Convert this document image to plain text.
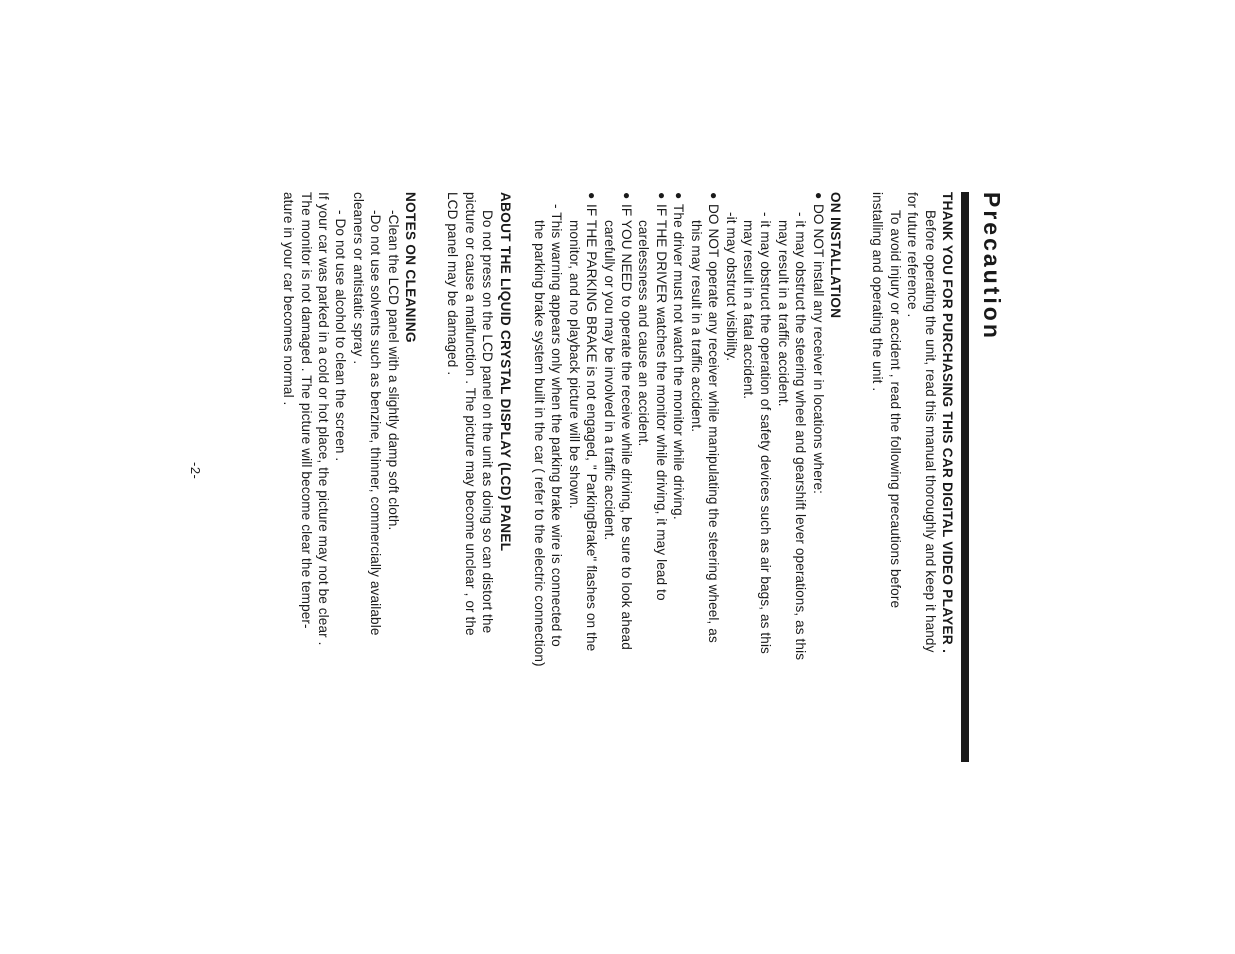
Precaution
THANK YOU FOR PURCHASING THIS CAR DIGITAL VIDEO PLAYER .
Before operating the unit, read this manual thoroughly and keep it handy
for future reference .
To avoid injury or accident , read the following precautions before
installing and operating the unit .
ON INSTALLATION
● DO NOT install any receiver in locations where:
- it may obstruct the steering wheel and gearshift lever operations, as this
may result in a traffic accident.
- it may obstruct the operation of safety devices such as air bags, as this
may result in a fatal accident.
-it may obstruct visibility.
● DO NOT operate any receiver while manipulating the steering wheel, as
this may result in a traffic accident.
● The driver must not watch the monitor while driving.
● IF THE DRIVER watches the monitor while driving, it may lead to
carelessness and cause an accident.
● IF YOU NEED to operate the receive while driving, be sure to look ahead
carefully or you may be involved in a traffic accident.
● IF THE PARKING BRAKE is not engaged, " ParkingBrake" flashes on the
monitor, and no playback picture will be shown.
- This warning appears only when the parking brake wire is connected to
the parking brake system built in the car ( refer to the electric connection)
ABOUT THE LIQUID CRYSTAL DISPLAY (LCD) PANEL
Do not press on the LCD panel on the unit as doing so can distort the
picture or cause a malfunction . The picture may become unclear , or the
LCD panel may be damaged .
NOTES ON CLEANING
-Clean the LCD panel with a slightly damp soft cloth.
-Do not use solvents such as benzine, thinner, commercially available
cleaners or antistatic spray .
- Do not use alcohol to clean the screen .
If your car was parked in a cold or hot place, the picture may not be clear .
The monitor is not damaged . The picture will become clear the temper-
ature in your car becomes normal .
-2-
